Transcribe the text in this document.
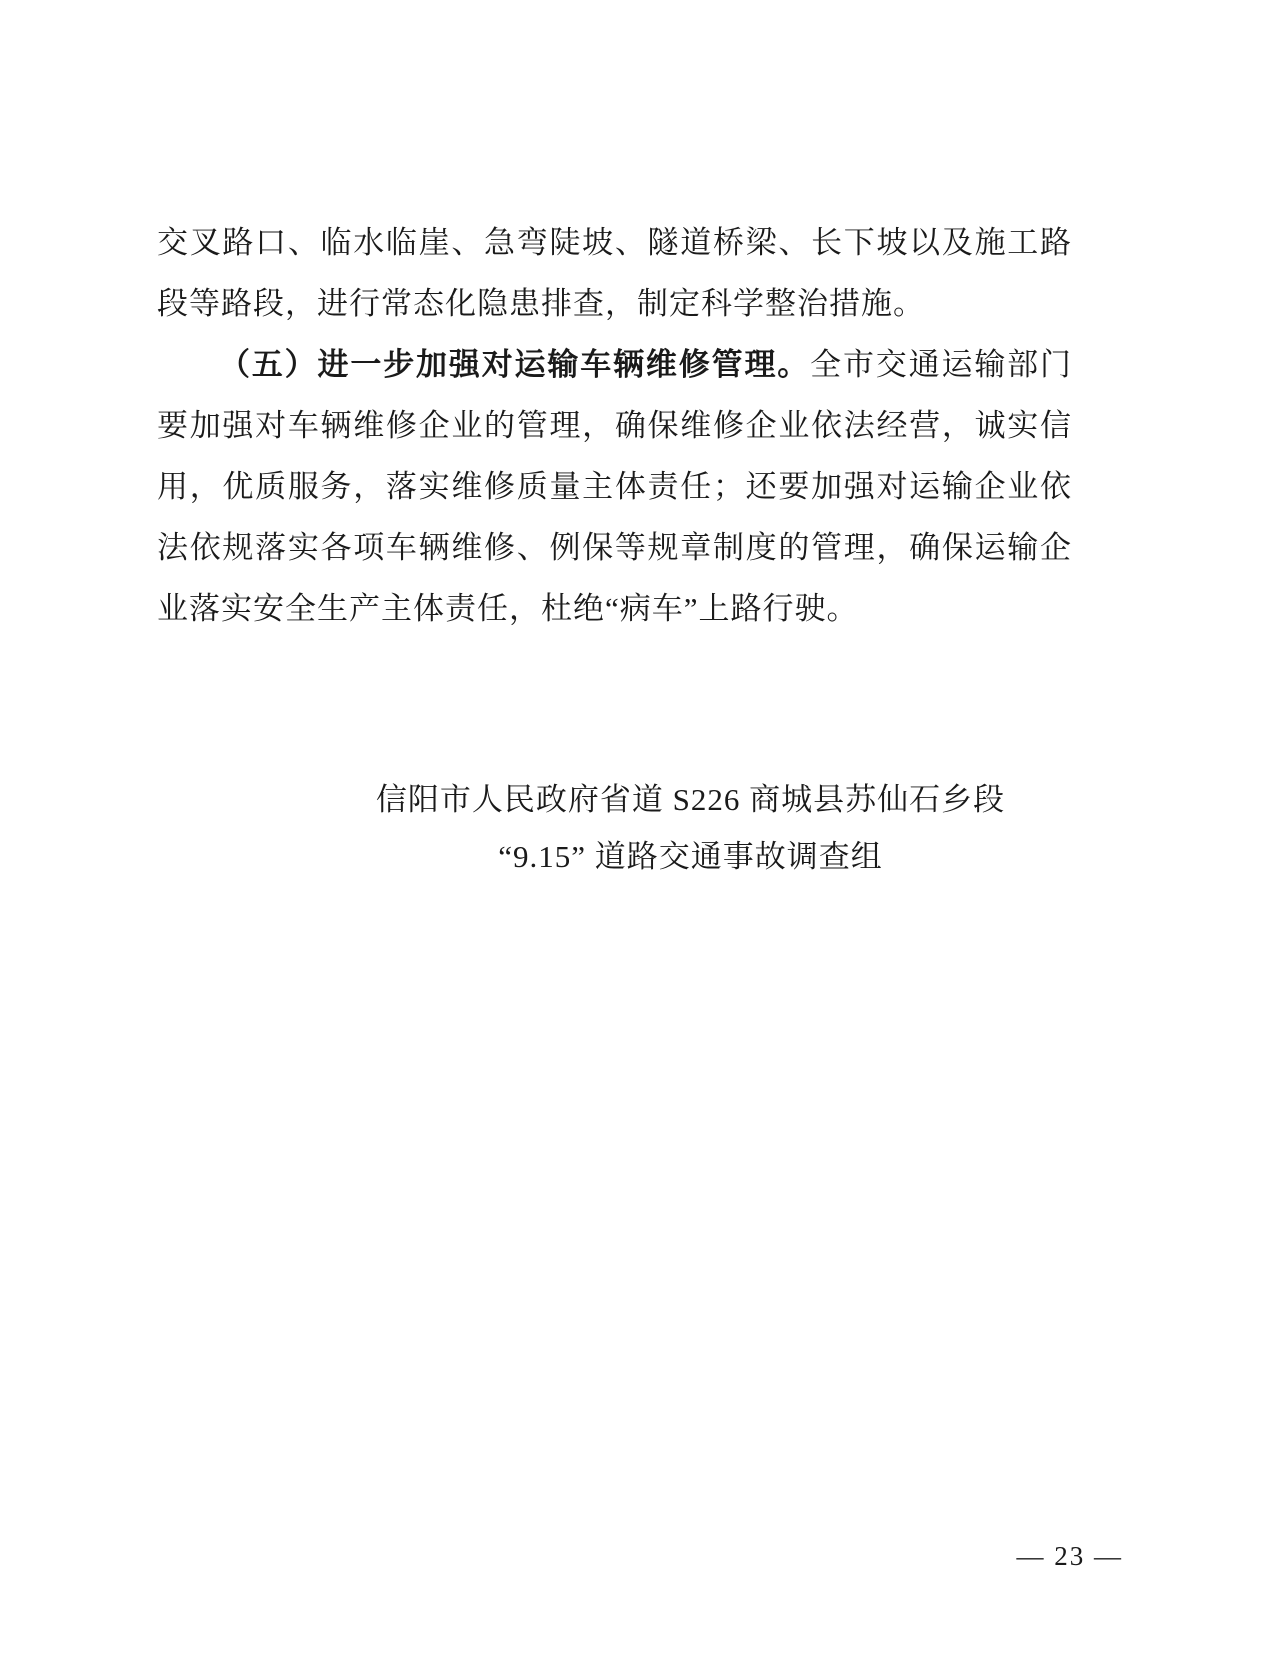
交叉路口、临水临崖、急弯陡坡、隧道桥梁、长下坡以及施工路段等路段，进行常态化隐患排查，制定科学整治措施。

（五）进一步加强对运输车辆维修管理。全市交通运输部门要加强对车辆维修企业的管理，确保维修企业依法经营，诚实信用，优质服务，落实维修质量主体责任；还要加强对运输企业依法依规落实各项车辆维修、例保等规章制度的管理，确保运输企业落实安全生产主体责任，杜绝“病车”上路行驶。

信阳市人民政府省道 S226 商城县苏仙石乡段
“9.15” 道路交通事故调查组
— 23 —
